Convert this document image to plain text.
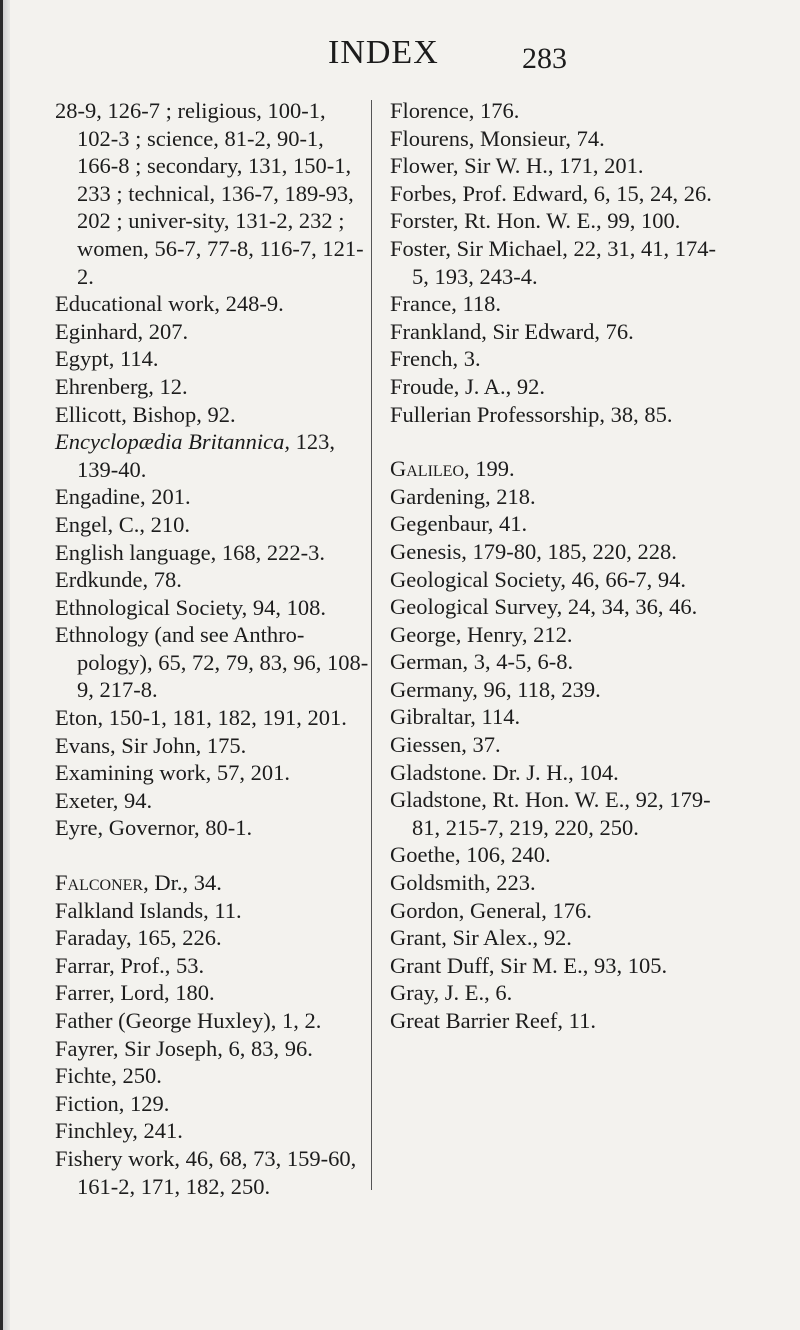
INDEX	283
28-9, 126-7 ; religious, 100-1, 102-3 ; science, 81-2, 90-1, 166-8 ; secondary, 131, 150-1, 233 ; technical, 136-7, 189-93, 202 ; univer-sity, 131-2, 232 ; women, 56-7, 77-8, 116-7, 121-2.
Educational work, 248-9.
Eginhard, 207.
Egypt, 114.
Ehrenberg, 12.
Ellicott, Bishop, 92.
Encyclopædia Britannica, 123, 139-40.
Engadine, 201.
Engel, C., 210.
English language, 168, 222-3.
Erdkunde, 78.
Ethnological Society, 94, 108.
Ethnology (and see Anthro-pology), 65, 72, 79, 83, 96, 108-9, 217-8.
Eton, 150-1, 181, 182, 191, 201.
Evans, Sir John, 175.
Examining work, 57, 201.
Exeter, 94.
Eyre, Governor, 80-1.
Falconer, Dr., 34.
Falkland Islands, 11.
Faraday, 165, 226.
Farrar, Prof., 53.
Farrer, Lord, 180.
Father (George Huxley), 1, 2.
Fayrer, Sir Joseph, 6, 83, 96.
Fichte, 250.
Fiction, 129.
Finchley, 241.
Fishery work, 46, 68, 73, 159-60, 161-2, 171, 182, 250.
Florence, 176.
Flourens, Monsieur, 74.
Flower, Sir W. H., 171, 201.
Forbes, Prof. Edward, 6, 15, 24, 26.
Forster, Rt. Hon. W. E., 99, 100.
Foster, Sir Michael, 22, 31, 41, 174-5, 193, 243-4.
France, 118.
Frankland, Sir Edward, 76.
French, 3.
Froude, J. A., 92.
Fullerian Professorship, 38, 85.
Galileo, 199.
Gardening, 218.
Gegenbaur, 41.
Genesis, 179-80, 185, 220, 228.
Geological Society, 46, 66-7, 94.
Geological Survey, 24, 34, 36, 46.
George, Henry, 212.
German, 3, 4-5, 6-8.
Germany, 96, 118, 239.
Gibraltar, 114.
Giessen, 37.
Gladstone. Dr. J. H., 104.
Gladstone, Rt. Hon. W. E., 92, 179-81, 215-7, 219, 220, 250.
Goethe, 106, 240.
Goldsmith, 223.
Gordon, General, 176.
Grant, Sir Alex., 92.
Grant Duff, Sir M. E., 93, 105.
Gray, J. E., 6.
Great Barrier Reef, 11.
